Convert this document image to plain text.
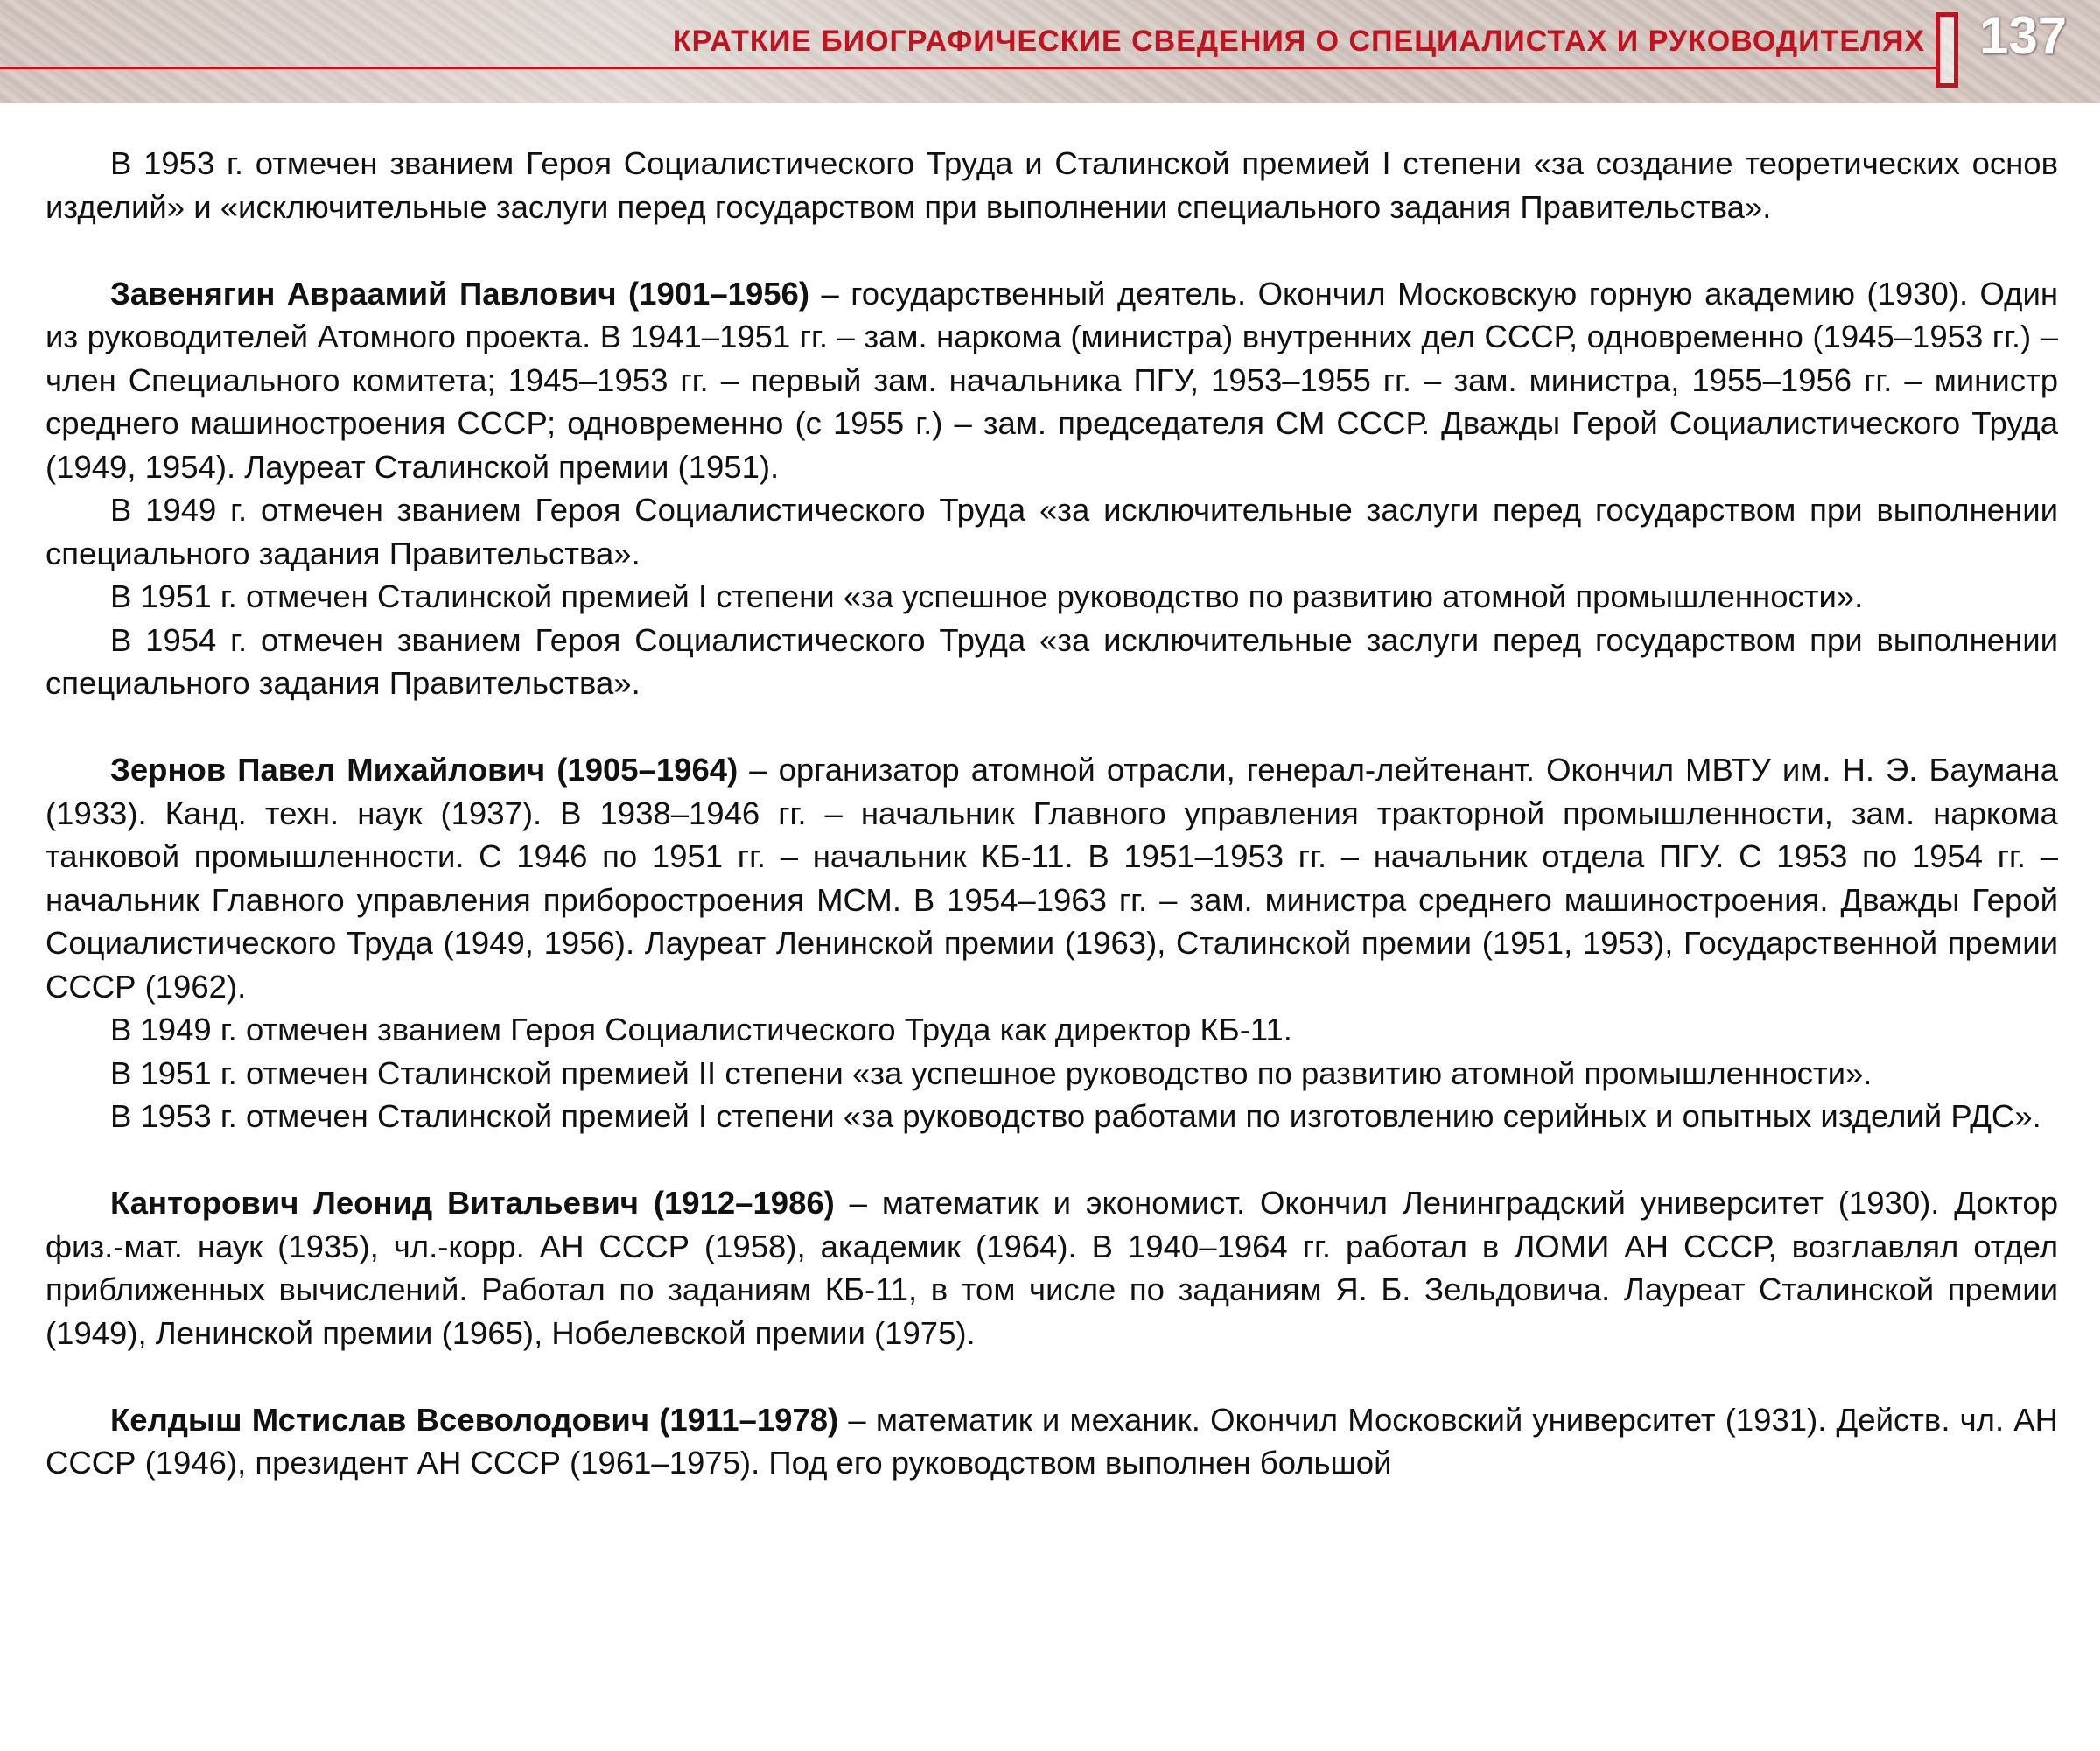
КРАТКИЕ БИОГРАФИЧЕСКИЕ СВЕДЕНИЯ О СПЕЦИАЛИСТАХ И РУКОВОДИТЕЛЯХ 137

В 1953 г. отмечен званием Героя Социалистического Труда и Сталинской премией I степени «за создание теоретических основ изделий» и «исключительные заслуги перед государством при выполнении специального задания Правительства».

Завенягин Авраамий Павлович (1901–1956) – государственный деятель. Окончил Московскую горную академию (1930). Один из руководителей Атомного проекта. В 1941–1951 гг. – зам. наркома (министра) внутренних дел СССР, одновременно (1945–1953 гг.) – член Специального комитета; 1945–1953 гг. – первый зам. начальника ПГУ, 1953–1955 гг. – зам. министра, 1955–1956 гг. – министр среднего машиностроения СССР; одновременно (с 1955 г.) – зам. председателя СМ СССР. Дважды Герой Социалистического Труда (1949, 1954). Лауреат Сталинской премии (1951).

В 1949 г. отмечен званием Героя Социалистического Труда «за исключительные заслуги перед государством при выполнении специального задания Правительства».

В 1951 г. отмечен Сталинской премией I степени «за успешное руководство по развитию атомной промышленности».

В 1954 г. отмечен званием Героя Социалистического Труда «за исключительные заслуги перед государством при выполнении специального задания Правительства».

Зернов Павел Михайлович (1905–1964) – организатор атомной отрасли, генерал-лейтенант. Окончил МВТУ им. Н. Э. Баумана (1933). Канд. техн. наук (1937). В 1938–1946 гг. – начальник Главного управления тракторной промышленности, зам. наркома танковой промышленности. С 1946 по 1951 гг. – начальник КБ-11. В 1951–1953 гг. – начальник отдела ПГУ. С 1953 по 1954 гг. – начальник Главного управления приборостроения МСМ. В 1954–1963 гг. – зам. министра среднего машиностроения. Дважды Герой Социалистического Труда (1949, 1956). Лауреат Ленинской премии (1963), Сталинской премии (1951, 1953), Государственной премии СССР (1962).

В 1949 г. отмечен званием Героя Социалистического Труда как директор КБ-11.

В 1951 г. отмечен Сталинской премией II степени «за успешное руководство по развитию атомной промышленности».

В 1953 г. отмечен Сталинской премией I степени «за руководство работами по изготовлению серийных и опытных изделий РДС».

Канторович Леонид Витальевич (1912–1986) – математик и экономист. Окончил Ленинградский университет (1930). Доктор физ.-мат. наук (1935), чл.-корр. АН СССР (1958), академик (1964). В 1940–1964 гг. работал в ЛОМИ АН СССР, возглавлял отдел приближенных вычислений. Работал по заданиям КБ-11, в том числе по заданиям Я. Б. Зельдовича. Лауреат Сталинской премии (1949), Ленинской премии (1965), Нобелевской премии (1975).

Келдыш Мстислав Всеволодович (1911–1978) – математик и механик. Окончил Московский университет (1931). Действ. чл. АН СССР (1946), президент АН СССР (1961–1975). Под его руководством выполнен большой
